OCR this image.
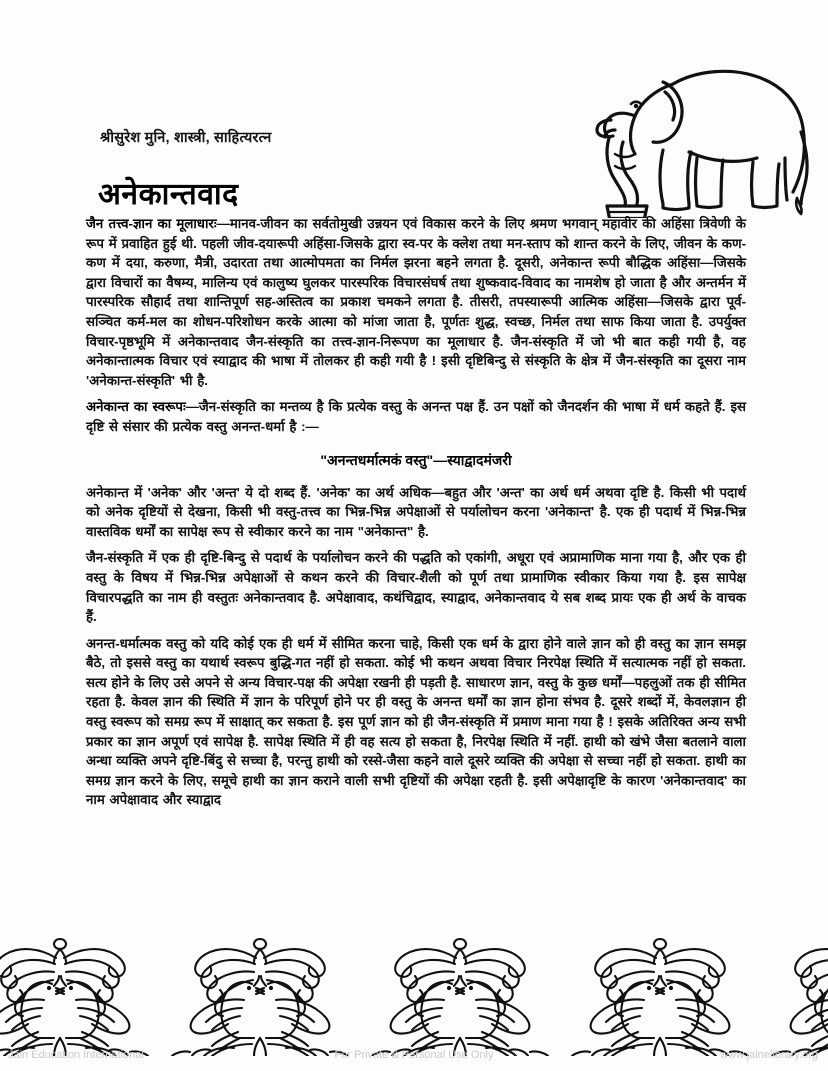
श्रीसुरेश मुनि, शास्त्री, साहित्यरत्न
अनेकान्तवाद

जैन तत्त्व-ज्ञान का मूलाधारः—मानव-जीवन का सर्वतोमुखी उन्नयन एवं विकास करने के लिए श्रमण भगवान् महावीर की अहिंसा त्रिवेणी के रूप में प्रवाहित हुई थी. पहली जीव-दयारूपी अहिंसा-जिसके द्वारा स्व-पर के क्लेश तथा मन-स्ताप को शान्त करने के लिए, जीवन के कण-कण में दया, करुणा, मैत्री, उदारता तथा आत्मोपमता का निर्मल झरना बहने लगता है. दूसरी, अनेकान्त रूपी बौद्धिक अहिंसा—जिसके द्वारा विचारों का वैषम्य, मालिन्य एवं कालुष्य घुलकर पारस्परिक विचारसंघर्ष तथा शुष्कवाद-विवाद का नामशेष हो जाता है और अन्तर्मन में पारस्परिक सौहार्द तथा शान्तिपूर्ण सह-अस्तित्व का प्रकाश चमकने लगता है. तीसरी, तपस्यारूपी आत्मिक अहिंसा—जिसके द्वारा पूर्व-सञ्चित कर्म-मल का शोधन-परिशोधन करके आत्मा को मांजा जाता है, पूर्णतः शुद्ध, स्वच्छ, निर्मल तथा साफ किया जाता है. उपर्युक्त विचार-पृष्ठभूमि में अनेकान्तवाद जैन-संस्कृति का तत्त्व-ज्ञान-निरूपण का मूलाधार है. जैन-संस्कृति में जो भी बात कही गयी है, वह अनेकान्तात्मक विचार एवं स्याद्वाद की भाषा में तोलकर ही कही गयी है ! इसी दृष्टिबिन्दु से संस्कृति के क्षेत्र में जैन-संस्कृति का दूसरा नाम 'अनेकान्त-संस्कृति' भी है.

अनेकान्त का स्वरूपः—जैन-संस्कृति का मन्तव्य है कि प्रत्येक वस्तु के अनन्त पक्ष हैं. उन पक्षों को जैनदर्शन की भाषा में धर्म कहते हैं. इस दृष्टि से संसार की प्रत्येक वस्तु अनन्त-धर्मा है :—

"अनन्तधर्मात्मकं वस्तु"—स्याद्वादमंजरी

अनेकान्त में 'अनेक' और 'अन्त' ये दो शब्द हैं. 'अनेक' का अर्थ अधिक—बहुत और 'अन्त' का अर्थ धर्म अथवा दृष्टि है. किसी भी पदार्थ को अनेक दृष्टियों से देखना, किसी भी वस्तु-तत्त्व का भिन्न-भिन्न अपेक्षाओं से पर्यालोचन करना 'अनेकान्त' है. एक ही पदार्थ में भिन्न-भिन्न वास्तविक धर्मों का सापेक्ष रूप से स्वीकार करने का नाम "अनेकान्त" है.

जैन-संस्कृति में एक ही दृष्टि-बिन्दु से पदार्थ के पर्यालोचन करने की पद्धति को एकांगी, अधूरा एवं अप्रामाणिक माना गया है, और एक ही वस्तु के विषय में भिन्न-भिन्न अपेक्षाओं से कथन करने की विचार-शैली को पूर्ण तथा प्रामाणिक स्वीकार किया गया है. इस सापेक्ष विचारपद्धति का नाम ही वस्तुतः अनेकान्तवाद है. अपेक्षावाद, कथंचिद्वाद, स्याद्वाद, अनेकान्तवाद ये सब शब्द प्रायः एक ही अर्थ के वाचक हैं.

अनन्त-धर्मात्मक वस्तु को यदि कोई एक ही धर्म में सीमित करना चाहे, किसी एक धर्म के द्वारा होने वाले ज्ञान को ही वस्तु का ज्ञान समझ बैठे, तो इससे वस्तु का यथार्थ स्वरूप बुद्धि-गत नहीं हो सकता. कोई भी कथन अथवा विचार निरपेक्ष स्थिति में सत्यात्मक नहीं हो सकता. सत्य होने के लिए उसे अपने से अन्य विचार-पक्ष की अपेक्षा रखनी ही पड़ती है. साधारण ज्ञान, वस्तु के कुछ धर्मों—पहलुओं तक ही सीमित रहता है. केवल ज्ञान की स्थिति में ज्ञान के परिपूर्ण होने पर ही वस्तु के अनन्त धर्मों का ज्ञान होना संभव है. दूसरे शब्दों में, केवलज्ञान ही वस्तु स्वरूप को समग्र रूप में साक्षात् कर सकता है. इस पूर्ण ज्ञान को ही जैन-संस्कृति में प्रमाण माना गया है ! इसके अतिरिक्त अन्य सभी प्रकार का ज्ञान अपूर्ण एवं सापेक्ष है. सापेक्ष स्थिति में ही वह सत्य हो सकता है, निरपेक्ष स्थिति में नहीं. हाथी को खंभे जैसा बतलाने वाला अन्धा व्यक्ति अपने दृष्टि-बिंदु से सच्चा है, परन्तु हाथी को रस्से-जैसा कहने वाले दूसरे व्यक्ति की अपेक्षा से सच्चा नहीं हो सकता. हाथी का समग्र ज्ञान करने के लिए, समूचे हाथी का ज्ञान कराने वाली सभी दृष्टियों की अपेक्षा रहती है. इसी अपेक्षादृष्टि के कारण 'अनेकान्तवाद' का नाम अपेक्षावाद और स्याद्वाद

Jain Education International	For Private & Personal Use Only	www.jainelibrary.org
